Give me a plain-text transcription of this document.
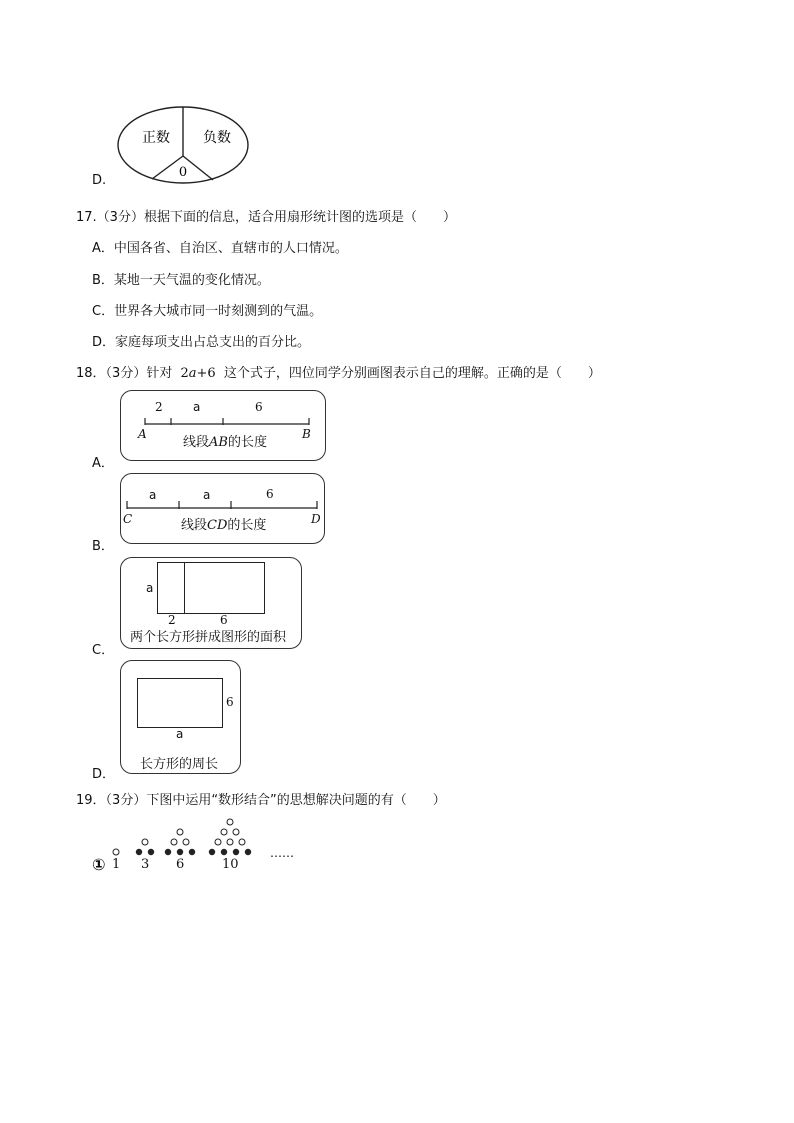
D.
正数 负数
0
17.（3分）根据下面的信息，适合用扇形统计图的选项是（　　）
A．中国各省、自治区、直辖市的人口情况。
B．某地一天气温的变化情况。
C．世界各大城市同一时刻测到的气温。
D．家庭每项支出占总支出的百分比。
18．（3分）针对 2a+6 这个式子，四位同学分别画图表示自己的理解。正确的是（　　）
A．
2	a	6
A	B
线段AB的长度
B．
a	a	6
C	D
线段CD的长度
C．
a
2	6
两个长方形拼成图形的面积
D．
6
a
长方形的周长
19．（3分）下图中运用“数形结合”的思想解决问题的有（　　）
① 1 3 6	10
……
